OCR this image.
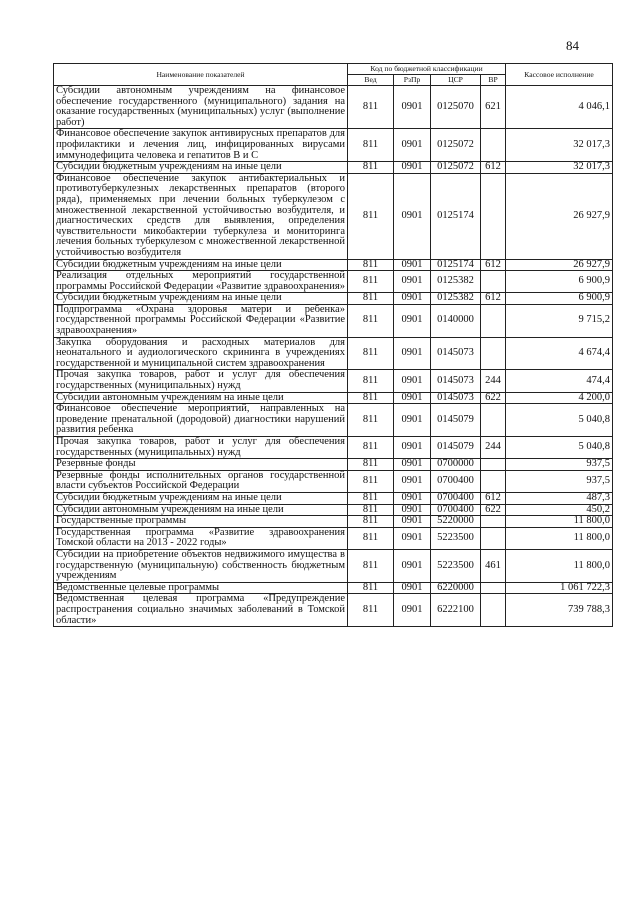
84
Наименование показателей	Код по бюджетной классификации				Кассовое исполнение
	Вед	РзПр	ЦСР	ВР	
Субсидии автономным учреждениям на финансовое обеспечение государственного (муниципального) задания на оказание государственных (муниципальных) услуг (выполнение работ)	811	0901	0125070	621	4 046,1
Финансовое обеспечение закупок антивирусных препаратов для профилактики и лечения лиц, инфицированных вирусами иммунодефицита человека и гепатитов В и С	811	0901	0125072		32 017,3
Субсидии бюджетным учреждениям на иные цели	811	0901	0125072	612	32 017,3
Финансовое обеспечение закупок антибактериальных и противотуберкулезных лекарственных препаратов (второго ряда), применяемых при лечении больных туберкулезом с множественной лекарственной устойчивостью возбудителя, и диагностических средств для выявления, определения чувствительности микобактерии туберкулеза и мониторинга лечения больных туберкулезом с множественной лекарственной устойчивостью возбудителя	811	0901	0125174		26 927,9
Субсидии бюджетным учреждениям на иные цели	811	0901	0125174	612	26 927,9
Реализация отдельных мероприятий государственной программы Российской Федерации «Развитие здравоохранения»	811	0901	0125382		6 900,9
Субсидии бюджетным учреждениям на иные цели	811	0901	0125382	612	6 900,9
Подпрограмма «Охрана здоровья матери и ребенка» государственной программы Российской Федерации «Развитие здравоохранения»	811	0901	0140000		9 715,2
Закупка оборудования и расходных материалов для неонатального и аудиологического скрининга в учреждениях государственной и муниципальной систем здравоохранения	811	0901	0145073		4 674,4
Прочая закупка товаров, работ и услуг для обеспечения государственных (муниципальных) нужд	811	0901	0145073	244	474,4
Субсидии автономным учреждениям на иные цели	811	0901	0145073	622	4 200,0
Финансовое обеспечение мероприятий, направленных на проведение пренатальной (дородовой) диагностики нарушений развития ребенка	811	0901	0145079		5 040,8
Прочая закупка товаров, работ и услуг для обеспечения государственных (муниципальных) нужд	811	0901	0145079	244	5 040,8
Резервные фонды	811	0901	0700000		937,5
Резервные фонды исполнительных органов государственной власти субъектов Российской Федерации	811	0901	0700400		937,5
Субсидии бюджетным учреждениям на иные цели	811	0901	0700400	612	487,3
Субсидии автономным учреждениям на иные цели	811	0901	0700400	622	450,2
Государственные программы	811	0901	5220000		11 800,0
Государственная программа «Развитие здравоохранения Томской области на 2013 - 2022 годы»	811	0901	5223500		11 800,0
Субсидии на приобретение объектов недвижимого имущества в государственную (муниципальную) собственность бюджетным учреждениям	811	0901	5223500	461	11 800,0
Ведомственные целевые программы	811	0901	6220000		1 061 722,3
Ведомственная целевая программа «Предупреждение распространения социально значимых заболеваний в Томской области»	811	0901	6222100		739 788,3
